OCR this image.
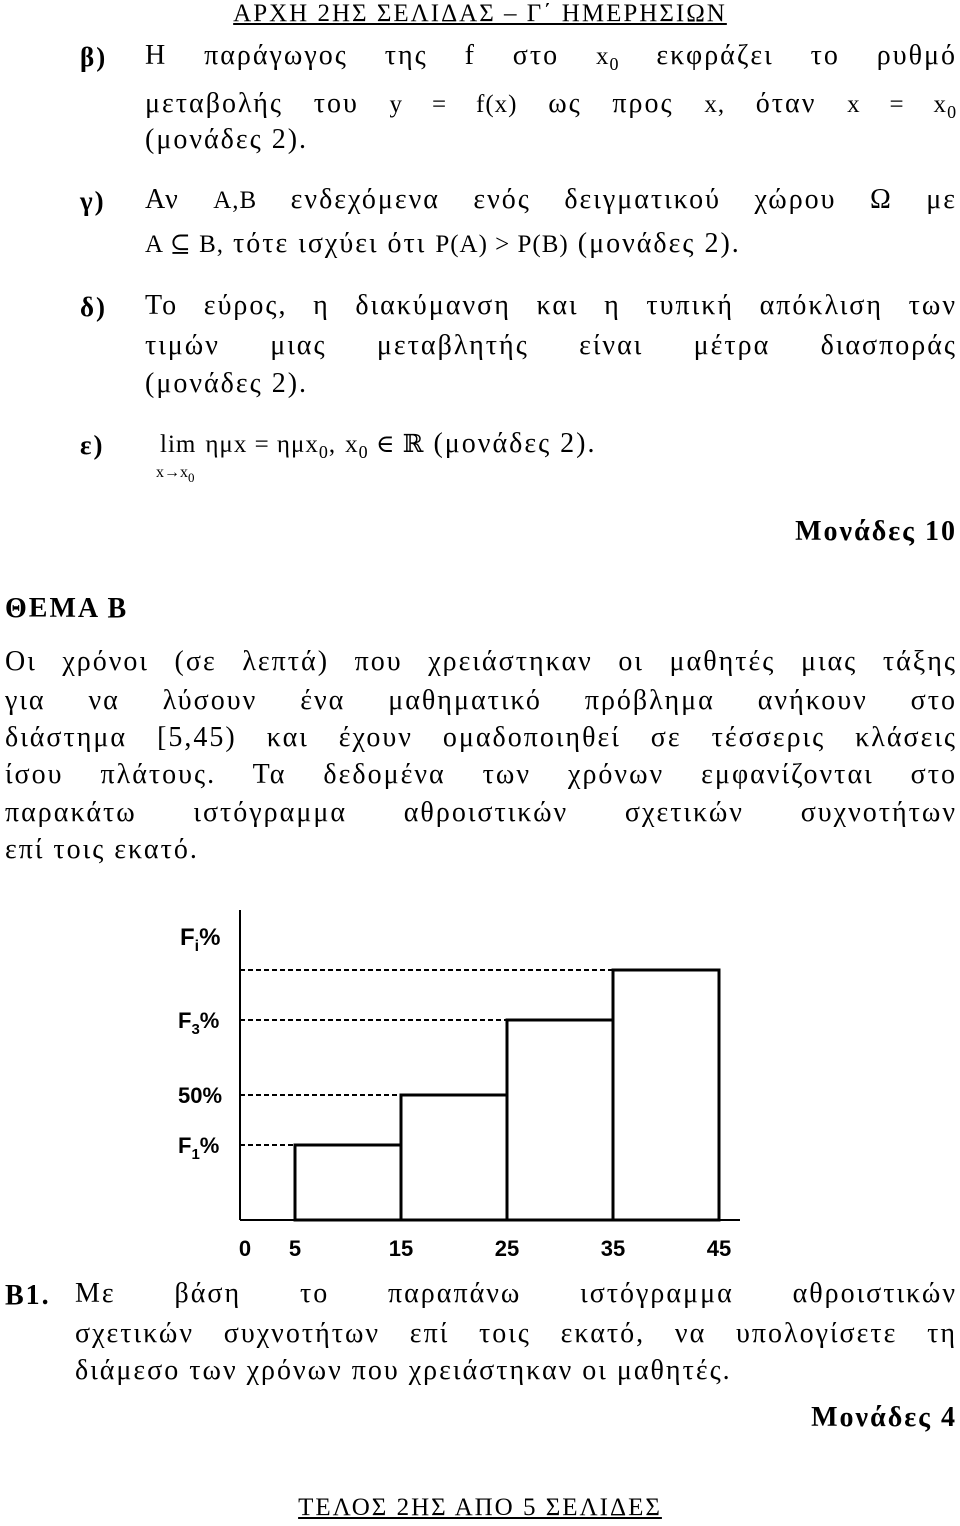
ΑΡΧΗ 2ΗΣ ΣΕΛΙΔΑΣ – Γ΄ ΗΜΕΡΗΣΙΩΝ
β) Η παράγωγος της f στο $x_0$ εκφράζει το ρυθμό
μεταβολής του y = f(x) ως προς x, όταν $x = x_0$
(μονάδες 2).
γ) Αν A,B ενδεχόμενα ενός δειγματικού χώρου Ω με
A ⊆ B, τότε ισχύει ότι P(A) > P(B) (μονάδες 2).
δ) Το εύρος, η διακύμανση και η τυπική απόκλιση των
τιμών μιας μεταβλητής είναι μέτρα διασποράς
(μονάδες 2).
ε) lim ημx = ημx$_0$, $x_0$ ∈ ℝ (μονάδες 2).
$x\to x_0$
Μονάδες 10
ΘΕΜΑ Β
Οι χρόνοι (σε λεπτά) που χρειάστηκαν οι μαθητές μιας τάξης
για να λύσουν ένα μαθηματικό πρόβλημα ανήκουν στο
διάστημα [5,45) και έχουν ομαδοποιηθεί σε τέσσερις κλάσεις
ίσου πλάτους. Τα δεδομένα των χρόνων εμφανίζονται στο
παρακάτω ιστόγραμμα αθροιστικών σχετικών συχνοτήτων
επί τοις εκατό.
0 5	15	25	35	45
$F_i\%$
$F_1\%$
50%
$F_3\%$
Β1. Με βάση το παραπάνω ιστόγραμμα αθροιστικών
σχετικών συχνοτήτων επί τοις εκατό, να υπολογίσετε τη
διάμεσο των χρόνων που χρειάστηκαν οι μαθητές.
Μονάδες 4
ΤΕΛΟΣ 2ΗΣ ΑΠΟ 5 ΣΕΛΙΔΕΣ
